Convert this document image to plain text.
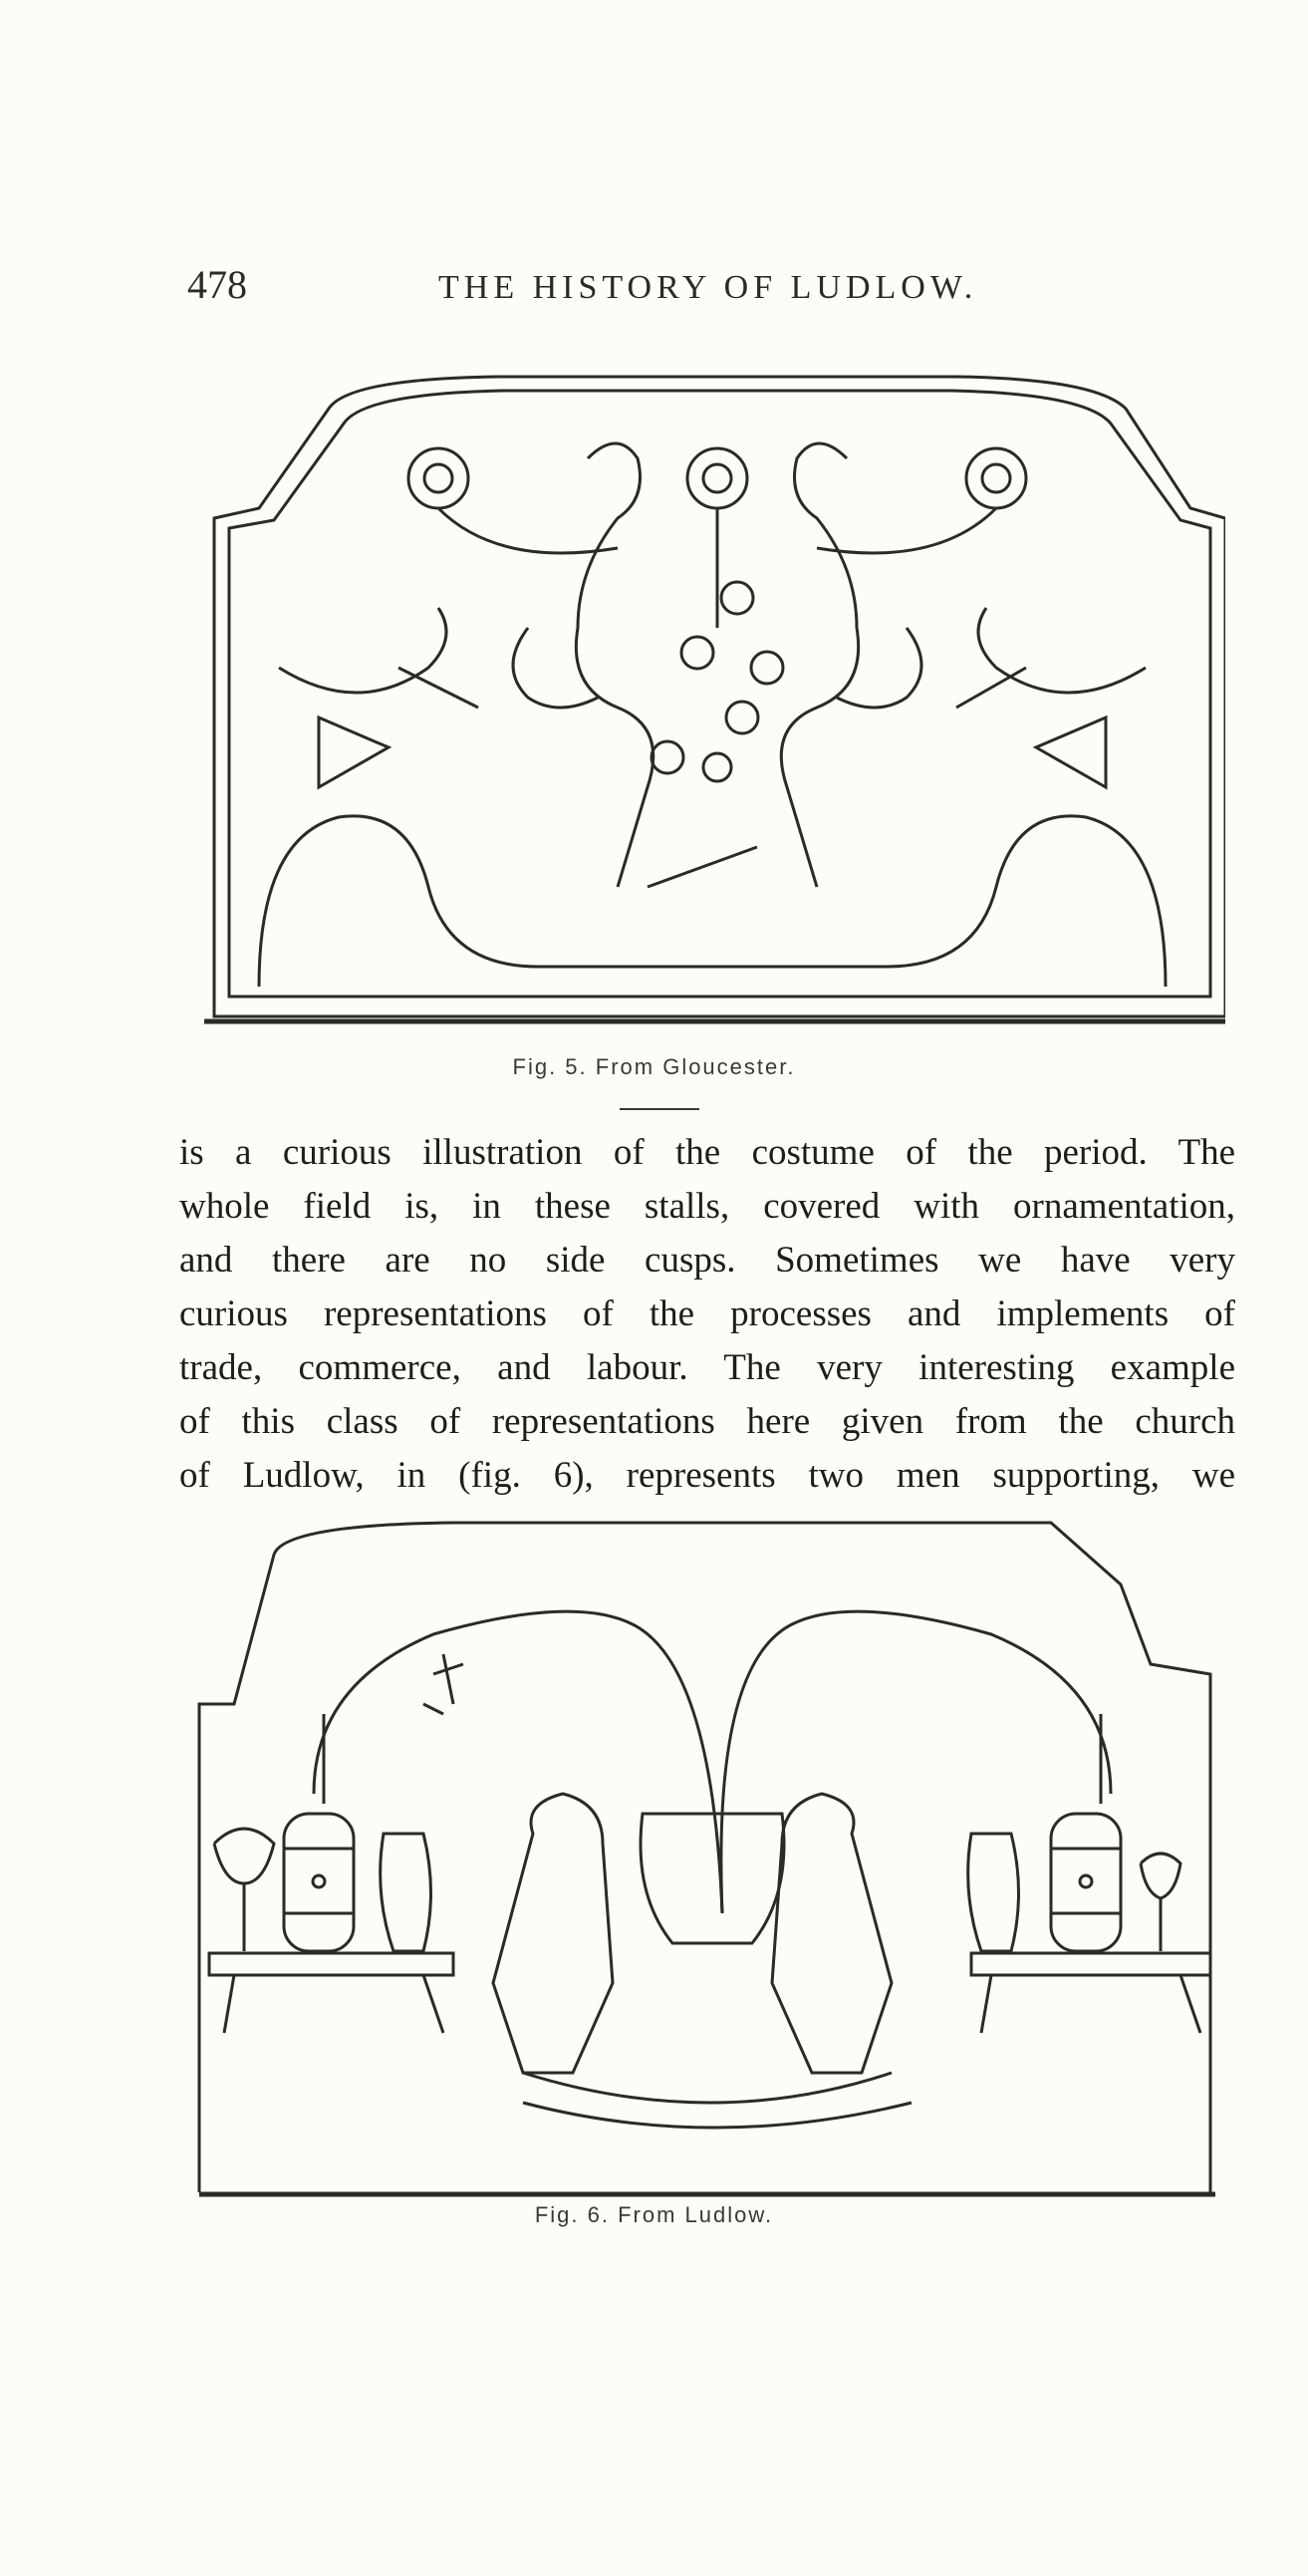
478	THE HISTORY OF LUDLOW.
Fig. 5. From Gloucester.
is a curious illustration of the costume of the period. The
whole field is, in these stalls, covered with ornamentation,
and there are no side cusps. Sometimes we have very
curious representations of the processes and implements of
trade, commerce, and labour. The very interesting example
of this class of representations here given from the church
of Ludlow, in (fig. 6), represents two men supporting, we
Fig. 6. From Ludlow.
